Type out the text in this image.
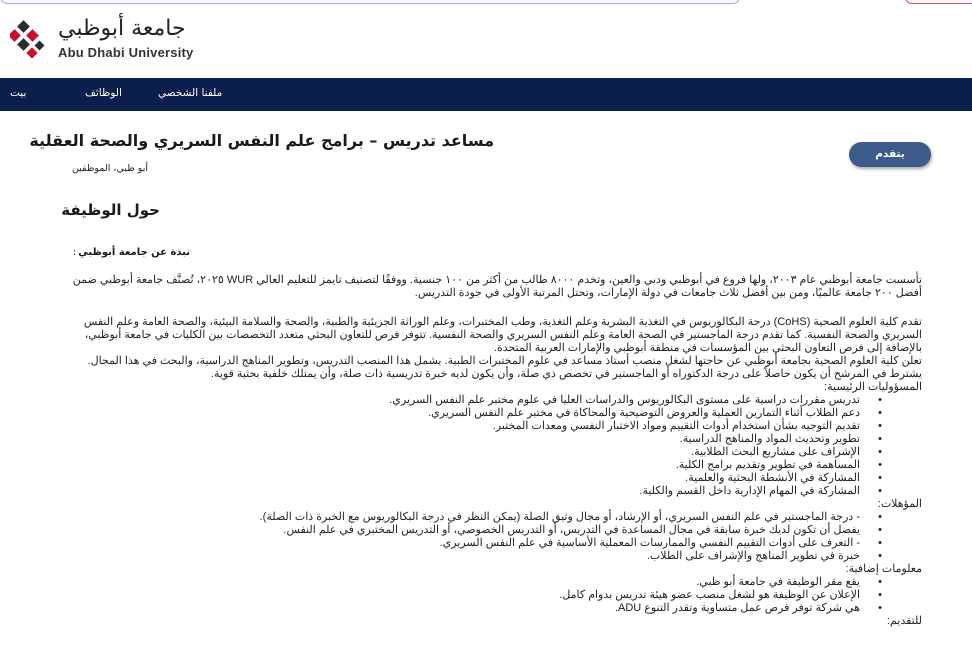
جامعة أبوظبي
Abu Dhabi University
بيت	الوظائف	ملفنا الشخصي
مساعد تدريس – برامج علم النفس السريري والصحة العقلية
أبو ظبي، الموظفين
يتقدم
حول الوظيفة
نبذة عن جامعة أبوظبي:

تأسست جامعة أبوظبي عام ٢٠٠٣، ولها فروع في أبوظبي ودبي والعين، وتخدم ٨٠٠٠ طالب من أكثر من ١٠٠ جنسية. ووفقًا لتصنيف تايمز للتعليم العالي WUR ٢٠٢٥، تُصنَّف جامعة أبوظبي ضمن أفضل ٢٠٠ جامعة عالميًا، ومن بين أفضل ثلاث جامعات في دولة الإمارات، وتحتل المرتبة الأولى في جودة التدريس.

تقدم كلية العلوم الصحية (CoHS) درجة البكالوريوس في التغذية البشرية وعلم التغذية، وطب المختبرات، وعلم الوراثة الجزيئية والطبية، والصحة والسلامة البيئية، والصحة العامة وعلم النفس السريري والصحة النفسية. كما تقدم درجة الماجستير في الصحة العامة وعلم النفس السريري والصحة النفسية. تتوفر فرص للتعاون البحثي متعدد التخصصات بين الكليات في جامعة أبوظبي، بالإضافة إلى فرص التعاون البحثي بين المؤسسات في منطقة أبوظبي والإمارات العربية المتحدة.

تعلن كلية العلوم الصحية بجامعة أبوظبي عن حاجتها لشغل منصب أستاذ مساعد في علوم المختبرات الطبية. يشمل هذا المنصب التدريس، وتطوير المناهج الدراسية، والبحث في هذا المجال. يشترط في المرشح أن يكون حاصلاً على درجة الدكتوراه أو الماجستير في تخصص ذي صلة، وأن يكون لديه خبرة تدريسية ذات صلة، وأن يمتلك خلفية بحثية قوية.

المسؤوليات الرئيسية:

• تدريس مقررات دراسية على مستوى البكالوريوس والدراسات العليا في علوم مختبر علم النفس السريري.
• دعم الطلاب أثناء التمارين العملية والعروض التوضيحية والمحاكاة في مختبر علم النفس السريري.
• تقديم التوجيه بشأن استخدام أدوات التقييم ومواد الاختبار النفسي ومعدات المختبر.
• تطوير وتحديث المواد والمناهج الدراسية.
• الإشراف على مشاريع البحث الطلابية.
• المساهمة في تطوير وتقديم برامج الكلية.
• المشاركة في الأنشطة البحثية والعلمية.
• المشاركة في المهام الإدارية داخل القسم والكلية.

المؤهلات:

• - درجة الماجستير في علم النفس السريري، أو الإرشاد، أو مجال وثيق الصلة (يمكن النظر في درجة البكالوريوس مع الخبرة ذات الصلة).
• يفضل أن تكون لديك خبرة سابقة في مجال المساعدة في التدريس، أو التدريس الخصوصي، أو التدريس المختبري في علم النفس.
• - التعرف على أدوات التقييم النفسي والممارسات المعملية الأساسية في علم النفس السريري.
• خبرة في تطوير المناهج والإشراف على الطلاب.

معلومات إضافية:

• يقع مقر الوظيفة في جامعة أبو ظبي.
• الإعلان عن الوظيفة هو لشغل منصب عضو هيئة تدريس بدوام كامل.
• هي شركة توفر فرص عمل متساوية وتقدر التنوع ADU.

للتقديم:
